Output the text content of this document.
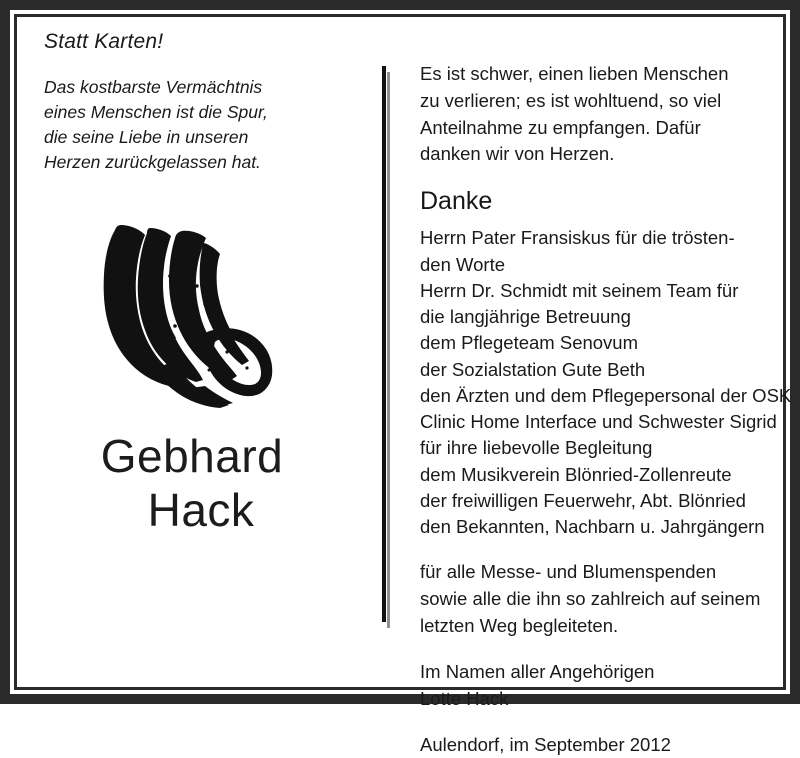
Statt Karten!
Das kostbarste Vermächtnis
eines Menschen ist die Spur,
die seine Liebe in unseren
Herzen zurückgelassen hat.
Gebhard
Hack
Es ist schwer, einen lieben Menschen
zu verlieren; es ist wohltuend, so viel
Anteilnahme zu empfangen. Dafür
danken wir von Herzen.
Danke
Herrn Pater Fransiskus für die trösten-
den Worte
Herrn Dr. Schmidt mit seinem Team für
die langjährige Betreuung
dem Pflegeteam Senovum
der Sozialstation Gute Beth
den Ärzten und dem Pflegepersonal der OSK
Clinic Home Interface und Schwester Sigrid
für ihre liebevolle Begleitung
dem Musikverein Blönried-Zollenreute
der freiwilligen Feuerwehr, Abt. Blönried
den Bekannten, Nachbarn u. Jahrgängern
für alle Messe- und Blumenspenden
sowie alle die ihn so zahlreich auf seinem
letzten Weg begleiteten.
Im Namen aller Angehörigen
Lotte Hack
Aulendorf, im September 2012
